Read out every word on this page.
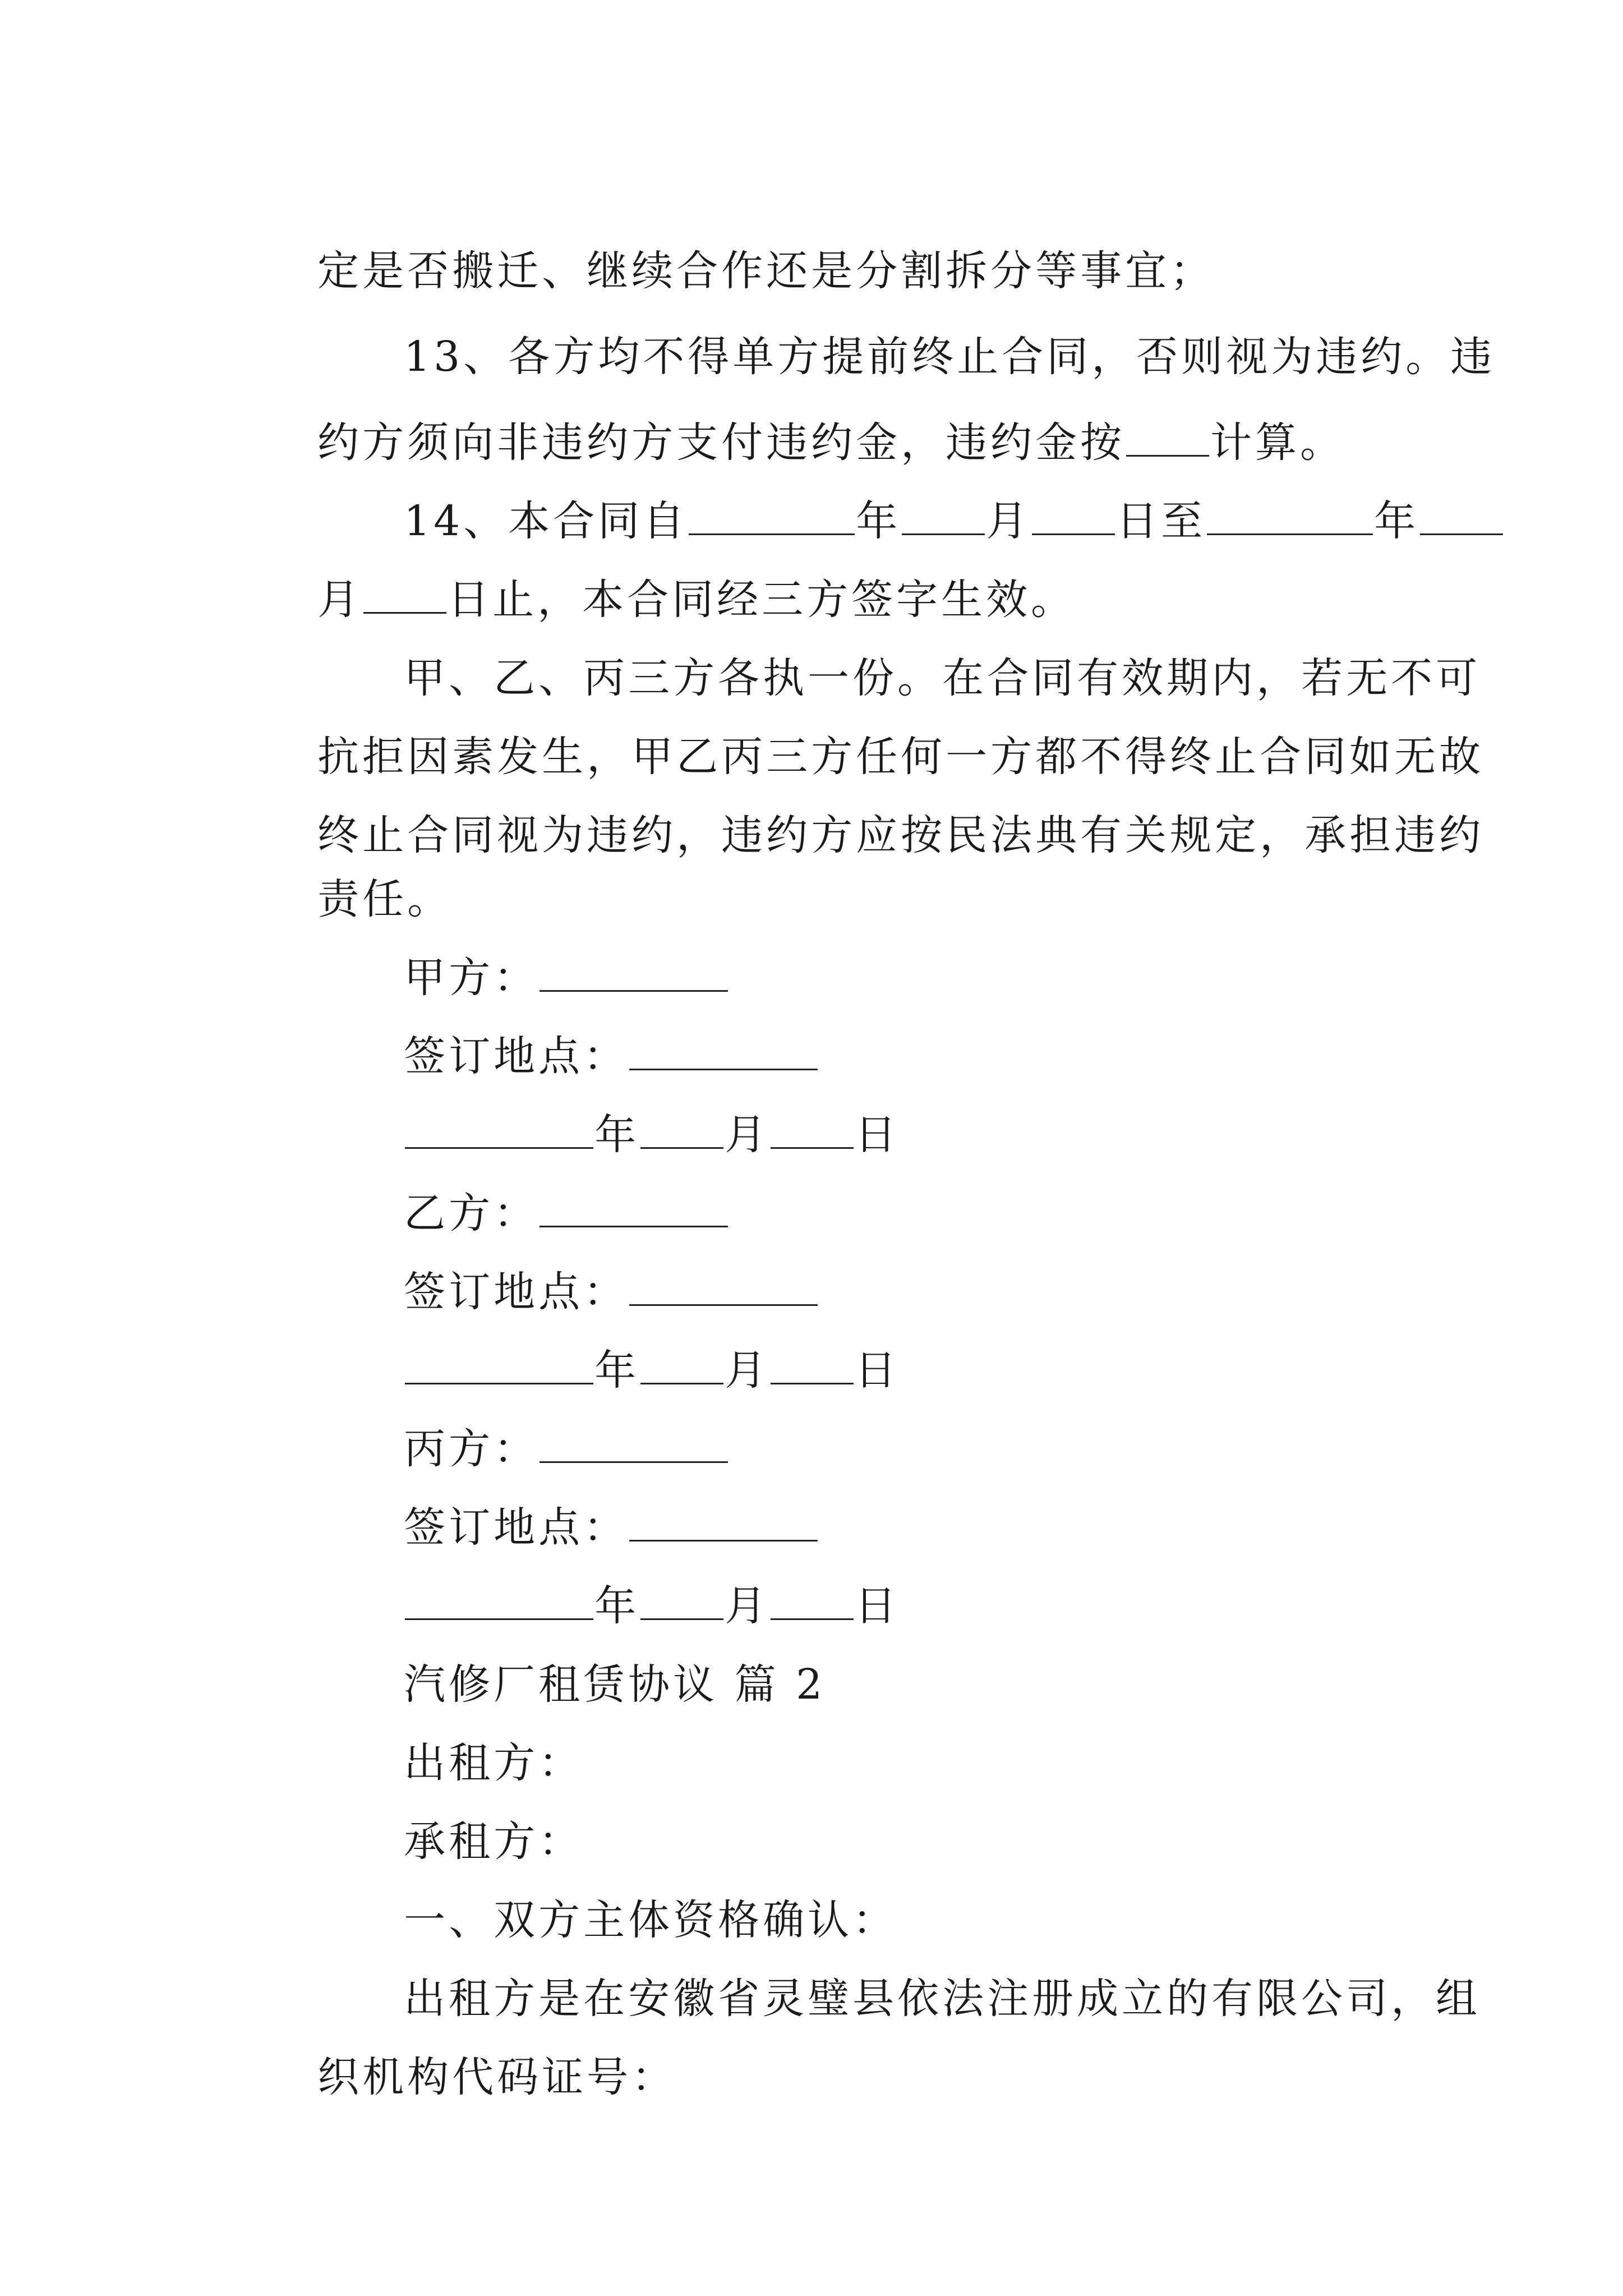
定是否搬迁、继续合作还是分割拆分等事宜；

13、各方均不得单方提前终止合同，否则视为违约。违

约方须向非违约方支付违约金，违约金按 计算。

14、本合同自	年 月 日至	年

月 日止，本合同经三方签字生效。

甲、乙、丙三方各执一份。在合同有效期内，若无不可

抗拒因素发生，甲乙丙三方任何一方都不得终止合同如无故

终止合同视为违约，违约方应按民法典有关规定，承担违约

责任。

甲方：

签订地点：

年 月 日

乙方：

签订地点：

年 月 日

丙方：

签订地点：

年 月 日

汽修厂租赁协议 篇 2

出租方：

承租方：

一、双方主体资格确认：

出租方是在安徽省灵璧县依法注册成立的有限公司，组

织机构代码证号：
